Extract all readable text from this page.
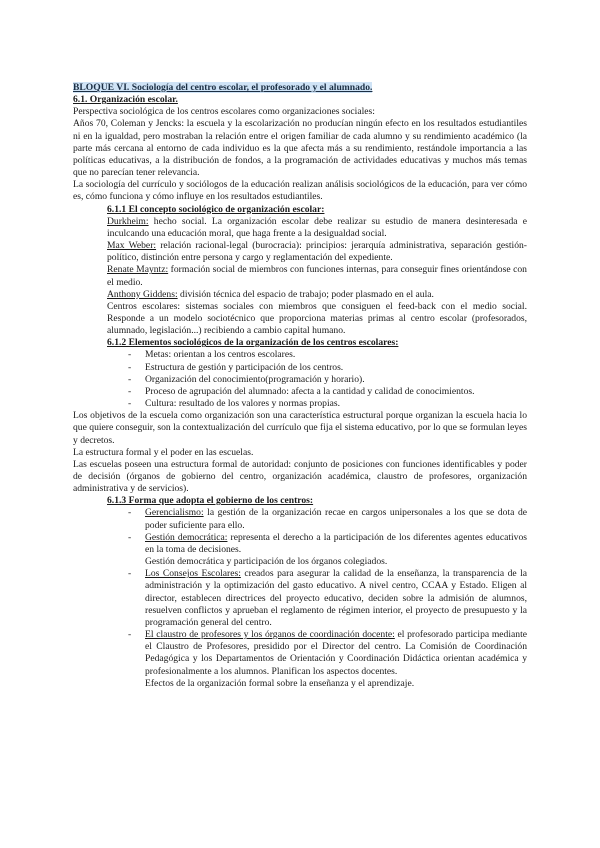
BLOQUE VI. Sociología del centro escolar, el profesorado y el alumnado.

6.1. Organización escolar.

Perspectiva sociológica de los centros escolares como organizaciones sociales:

Años 70, Coleman y Jencks: la escuela y la escolarización no producían ningún efecto en los resultados estudiantiles ni en la igualdad, pero mostraban la relación entre el origen familiar de cada alumno y su rendimiento académico (la parte más cercana al entorno de cada individuo es la que afecta más a su rendimiento, restándole importancia a las políticas educativas, a la distribución de fondos, a la programación de actividades educativas y muchos más temas que no parecían tener relevancia.

La sociología del currículo y sociólogos de la educación realizan análisis sociológicos de la educación, para ver cómo es, cómo funciona y cómo influye en los resultados estudiantiles.

6.1.1 El concepto sociológico de organización escolar:

Durkheim: hecho social. La organización escolar debe realizar su estudio de manera desinteresada e inculcando una educación moral, que haga frente a la desigualdad social.

Max Weber: relación racional-legal (burocracia): principios: jerarquía administrativa, separación gestión-político, distinción entre persona y cargo y reglamentación del expediente.

Renate Mayntz: formación social de miembros con funciones internas, para conseguir fines orientándose con el medio.

Anthony Giddens: división técnica del espacio de trabajo; poder plasmado en el aula.

Centros escolares: sistemas sociales con miembros que consiguen el feed-back con el medio social. Responde a un modelo sociotécnico que proporciona materias primas al centro escolar (profesorados, alumnado, legislación...) recibiendo a cambio capital humano.

6.1.2 Elementos sociológicos de la organización de los centros escolares:

- Metas: orientan a los centros escolares.
- Estructura de gestión y participación de los centros.
- Organización del conocimiento(programación y horario).
- Proceso de agrupación del alumnado: afecta a la cantidad y calidad de conocimientos.
- Cultura: resultado de los valores y normas propias.

Los objetivos de la escuela como organización son una característica estructural porque organizan la escuela hacia lo que quiere conseguir, son la contextualización del currículo que fija el sistema educativo, por lo que se formulan leyes y decretos.

La estructura formal y el poder en las escuelas.

Las escuelas poseen una estructura formal de autoridad: conjunto de posiciones con funciones identificables y poder de decisión (órganos de gobierno del centro, organización académica, claustro de profesores, organización administrativa y de servicios).

6.1.3 Forma que adopta el gobierno de los centros:

- Gerencialismo: la gestión de la organización recae en cargos unipersonales a los que se dota de poder suficiente para ello.
- Gestión democrática: representa el derecho a la participación de los diferentes agentes educativos en la toma de decisiones.

Gestión democrática y participación de los órganos colegiados.

- Los Consejos Escolares: creados para asegurar la calidad de la enseñanza, la transparencia de la administración y la optimización del gasto educativo. A nivel centro, CCAA y Estado. Eligen al director, establecen directrices del proyecto educativo, deciden sobre la admisión de alumnos, resuelven conflictos y aprueban el reglamento de régimen interior, el proyecto de presupuesto y la programación general del centro.
- El claustro de profesores y los órganos de coordinación docente: el profesorado participa mediante el Claustro de Profesores, presidido por el Director del centro. La Comisión de Coordinación Pedagógica y los Departamentos de Orientación y Coordinación Didáctica orientan académica y profesionalmente a los alumnos. Planifican los aspectos docentes.

Efectos de la organización formal sobre la enseñanza y el aprendizaje.
